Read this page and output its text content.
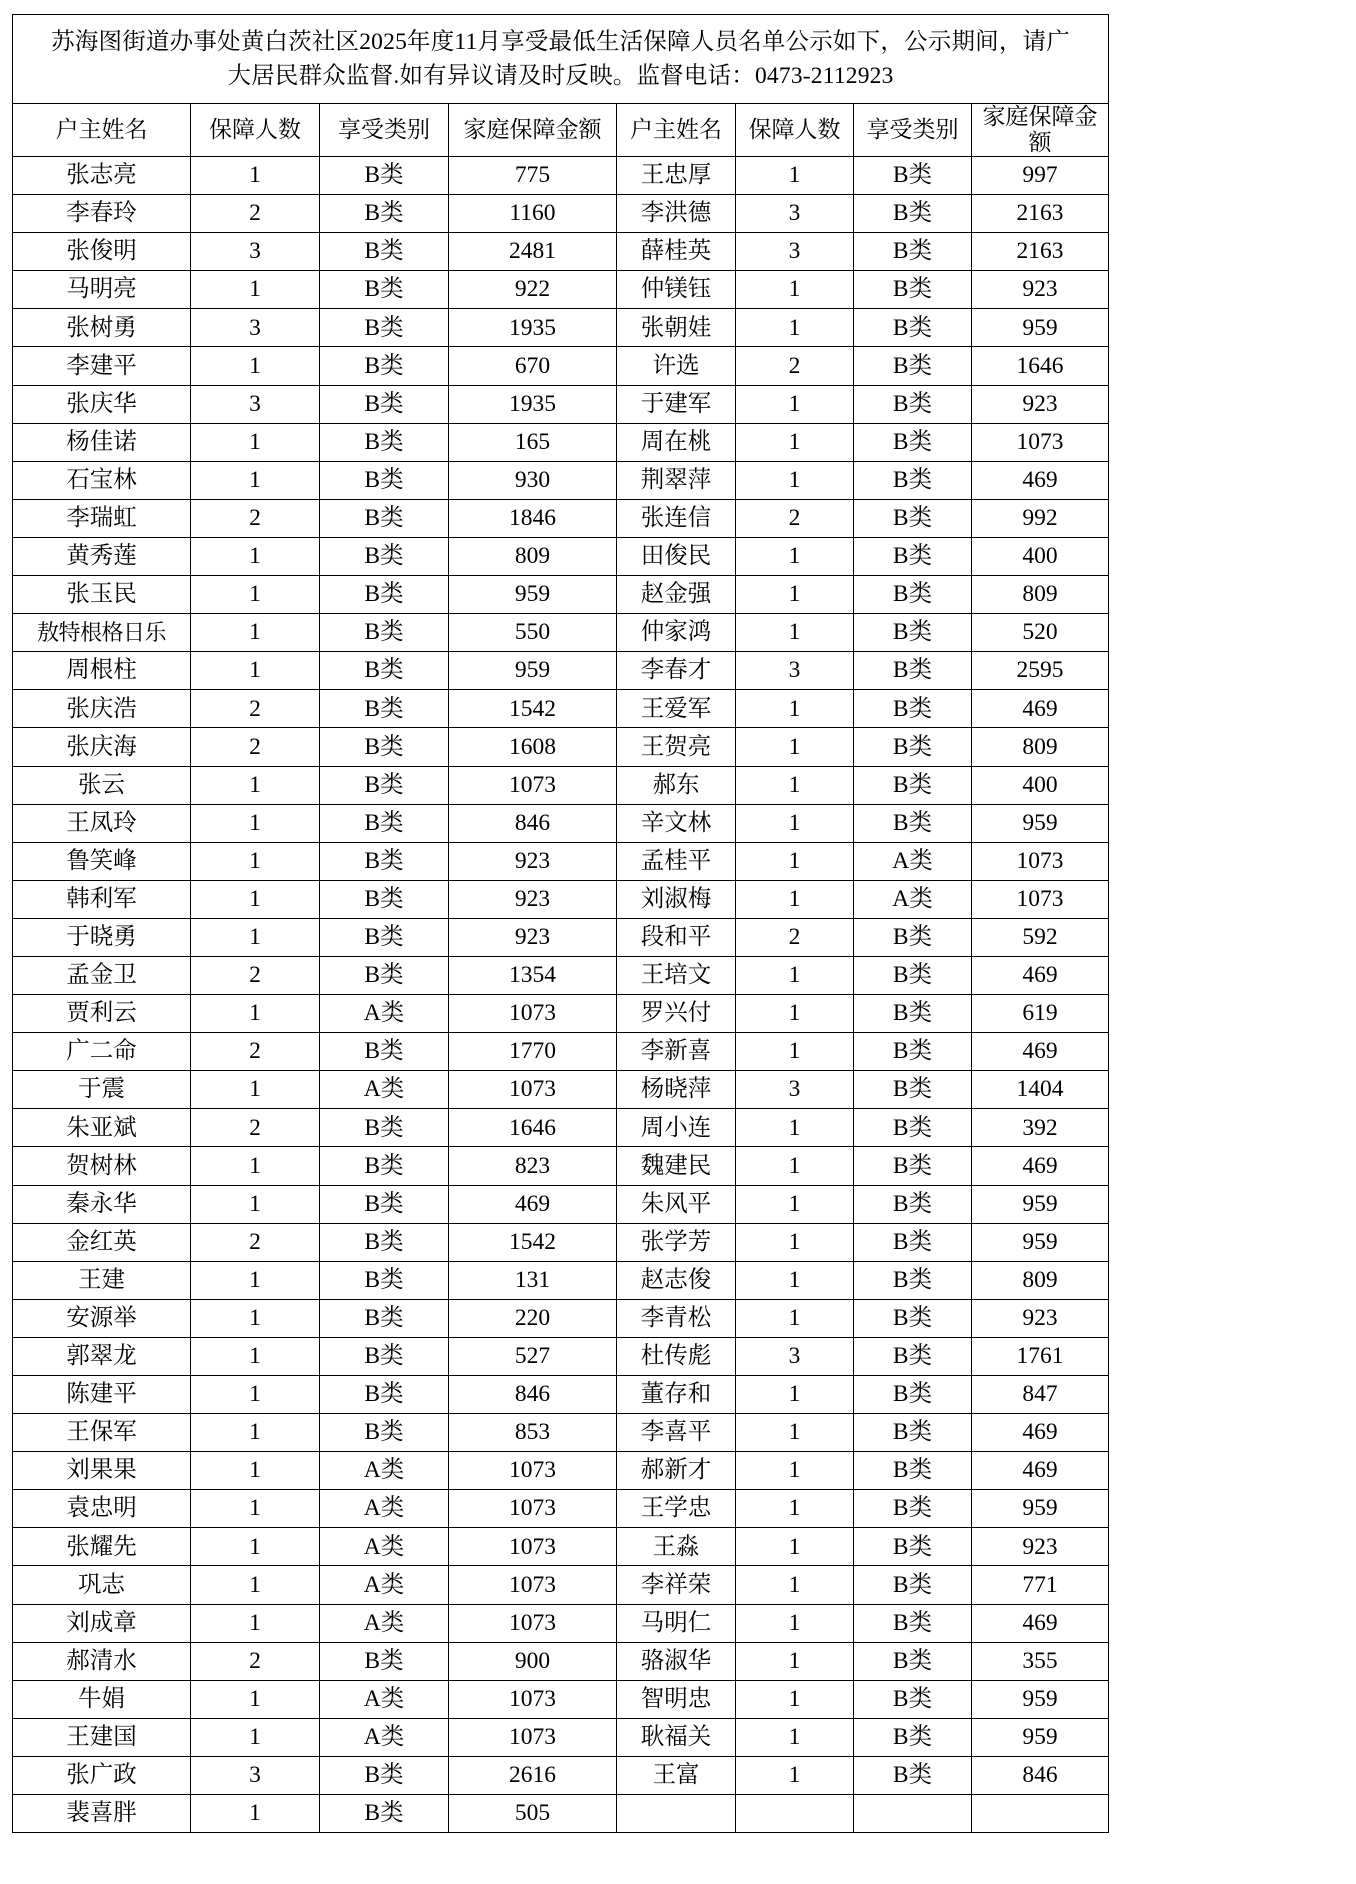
苏海图街道办事处黄白茨社区2025年度11月享受最低生活保障人员名单公示如下，公示期间，请广
大居民群众监督.如有异议请及时反映。监督电话：0473-2112923							

户主姓名	保障人数	享受类别	家庭保障金额	户主姓名	保障人数	享受类别	家庭保障金额
张志亮	1	B类	775	王忠厚	1	B类	997
李春玲	2	B类	1160	李洪德	3	B类	2163
张俊明	3	B类	2481	薛桂英	3	B类	2163
马明亮	1	B类	922	仲镁钰	1	B类	923
张树勇	3	B类	1935	张朝娃	1	B类	959
李建平	1	B类	670	许选	2	B类	1646
张庆华	3	B类	1935	于建军	1	B类	923
杨佳诺	1	B类	165	周在桃	1	B类	1073
石宝林	1	B类	930	荆翠萍	1	B类	469
李瑞虹	2	B类	1846	张连信	2	B类	992
黄秀莲	1	B类	809	田俊民	1	B类	400
张玉民	1	B类	959	赵金强	1	B类	809
敖特根格日乐	1	B类	550	仲家鸿	1	B类	520
周根柱	1	B类	959	李春才	3	B类	2595
张庆浩	2	B类	1542	王爱军	1	B类	469
张庆海	2	B类	1608	王贺亮	1	B类	809
张云	1	B类	1073	郝东	1	B类	400
王凤玲	1	B类	846	辛文林	1	B类	959
鲁笑峰	1	B类	923	孟桂平	1	A类	1073
韩利军	1	B类	923	刘淑梅	1	A类	1073
于晓勇	1	B类	923	段和平	2	B类	592
孟金卫	2	B类	1354	王培文	1	B类	469
贾利云	1	A类	1073	罗兴付	1	B类	619
广二命	2	B类	1770	李新喜	1	B类	469
于震	1	A类	1073	杨晓萍	3	B类	1404
朱亚斌	2	B类	1646	周小连	1	B类	392
贺树林	1	B类	823	魏建民	1	B类	469
秦永华	1	B类	469	朱风平	1	B类	959
金红英	2	B类	1542	张学芳	1	B类	959
王建	1	B类	131	赵志俊	1	B类	809
安源举	1	B类	220	李青松	1	B类	923
郭翠龙	1	B类	527	杜传彪	3	B类	1761
陈建平	1	B类	846	董存和	1	B类	847
王保军	1	B类	853	李喜平	1	B类	469
刘果果	1	A类	1073	郝新才	1	B类	469
袁忠明	1	A类	1073	王学忠	1	B类	959
张耀先	1	A类	1073	王淼	1	B类	923
巩志	1	A类	1073	李祥荣	1	B类	771
刘成章	1	A类	1073	马明仁	1	B类	469
郝清水	2	B类	900	骆淑华	1	B类	355
牛娟	1	A类	1073	智明忠	1	B类	959
王建国	1	A类	1073	耿福关	1	B类	959
张广政	3	B类	2616	王富	1	B类	846
裴喜胖	1	B类	505				
